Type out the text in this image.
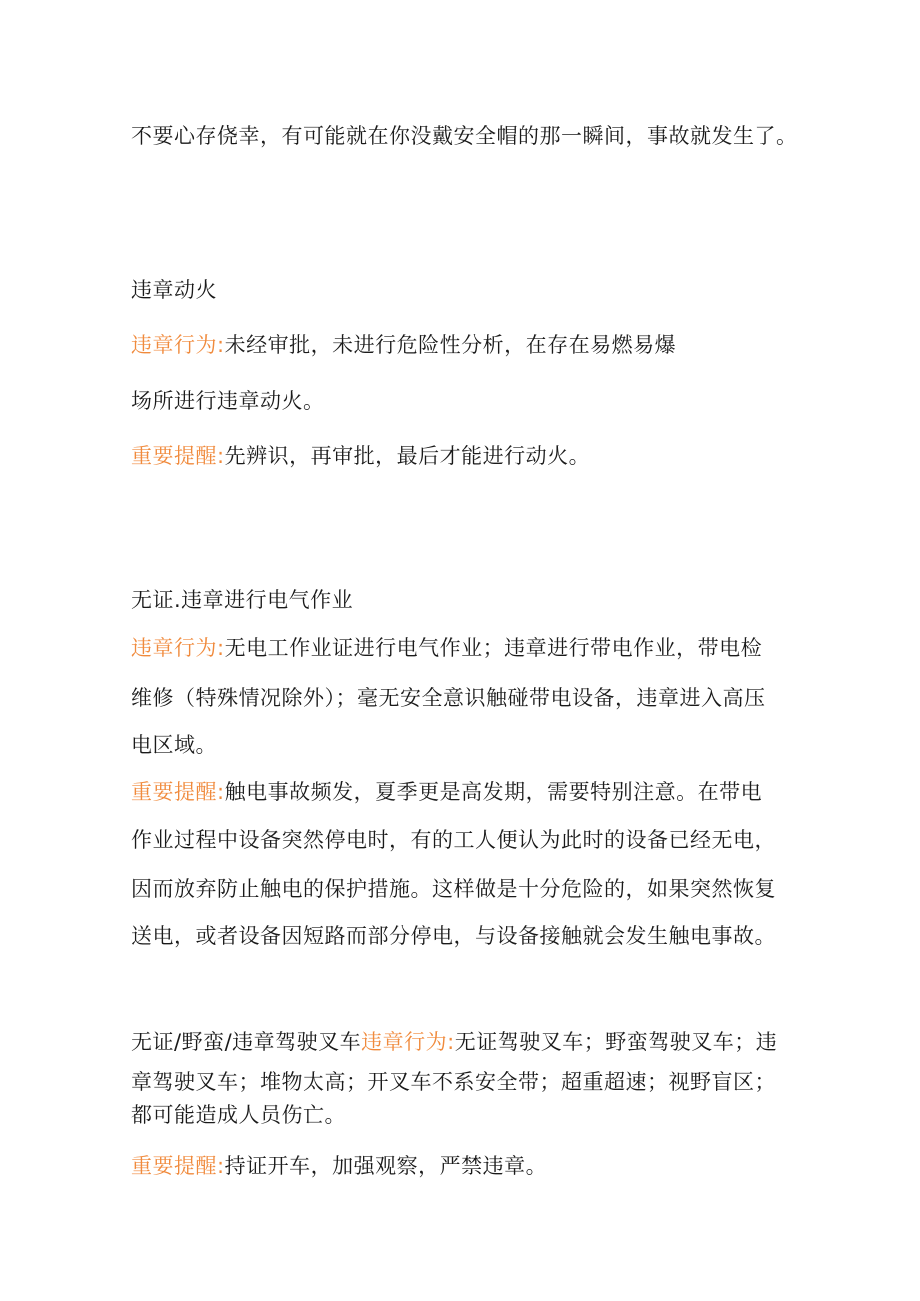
不要心存侥幸，有可能就在你没戴安全帽的那一瞬间，事故就发生了。
违章动火
违章行为:未经审批，未进行危险性分析，在存在易燃易爆
场所进行违章动火。
重要提醒:先辨识，再审批，最后才能进行动火。
无证.违章进行电气作业
违章行为:无电工作业证进行电气作业；违章进行带电作业，带电检
维修（特殊情况除外）；毫无安全意识触碰带电设备，违章进入高压
电区域。
重要提醒:触电事故频发，夏季更是高发期，需要特别注意。在带电
作业过程中设备突然停电时，有的工人便认为此时的设备已经无电，
因而放弃防止触电的保护措施。这样做是十分危险的，如果突然恢复
送电，或者设备因短路而部分停电，与设备接触就会发生触电事故。
无证/野蛮/违章驾驶叉车违章行为:无证驾驶叉车；野蛮驾驶叉车；违
章驾驶叉车；堆物太高；开叉车不系安全带；超重超速；视野盲区；
都可能造成人员伤亡。
重要提醒:持证开车，加强观察，严禁违章。
